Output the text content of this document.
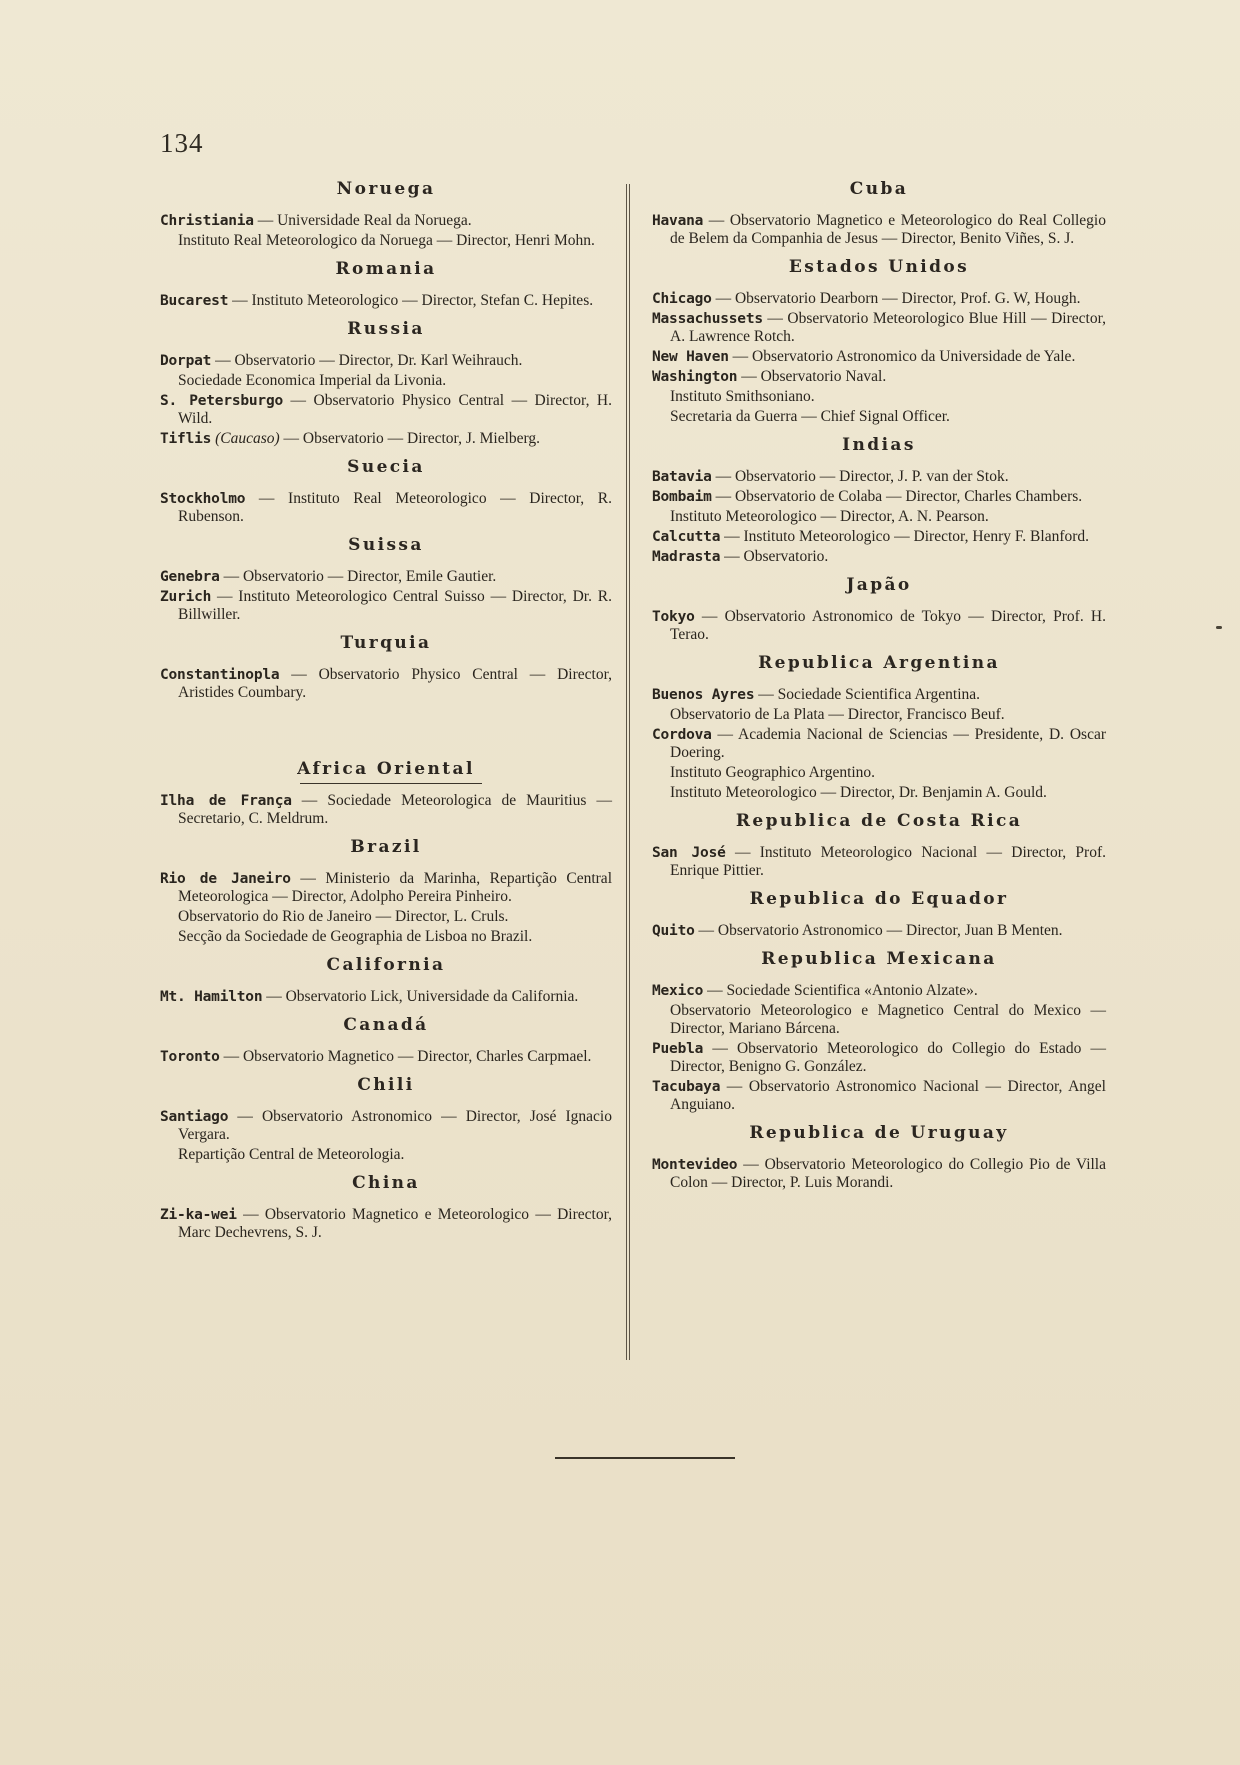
134
Noruega
Christiania — Universidade Real da Noruega.
Instituto Real Meteorologico da Noruega — Director, Henri Mohn.
Romania
Bucarest — Instituto Meteorologico — Director, Stefan C. Hepites.
Russia
Dorpat — Observatorio — Director, Dr. Karl Weihrauch.
Sociedade Economica Imperial da Livonia.
S. Petersburgo — Observatorio Physico Central — Director, H. Wild.
Tiflis (Caucaso) — Observatorio — Director, J. Mielberg.
Suecia
Stockholmo — Instituto Real Meteorologico — Director, R. Rubenson.
Suissa
Genebra — Observatorio — Director, Emile Gautier.
Zurich — Instituto Meteorologico Central Suisso — Director, Dr. R. Billwiller.
Turquia
Constantinopla — Observatorio Physico Central — Director, Aristides Coumbary.
Africa Oriental
Ilha de França — Sociedade Meteorologica de Mauritius — Secretario, C. Meldrum.
Brazil
Rio de Janeiro — Ministerio da Marinha, Repartição Central Meteorologica — Director, Adolpho Pereira Pinheiro.
Observatorio do Rio de Janeiro — Director, L. Cruls.
Secção da Sociedade de Geographia de Lisboa no Brazil.
California
Mt. Hamilton — Observatorio Lick, Universidade da California.
Canadá
Toronto — Observatorio Magnetico — Director, Charles Carpmael.
Chili
Santiago — Observatorio Astronomico — Director, José Ignacio Vergara.
Repartição Central de Meteorologia.
China
Zi-ka-wei — Observatorio Magnetico e Meteorologico — Director, Marc Dechevrens, S. J.
Cuba
Havana — Observatorio Magnetico e Meteorologico do Real Collegio de Belem da Companhia de Jesus — Director, Benito Viñes, S. J.
Estados Unidos
Chicago — Observatorio Dearborn — Director, Prof. G. W, Hough.
Massachussets — Observatorio Meteorologico Blue Hill — Director, A. Lawrence Rotch.
New Haven — Observatorio Astronomico da Universidade de Yale.
Washington — Observatorio Naval.
Instituto Smithsoniano.
Secretaria da Guerra — Chief Signal Officer.
Indias
Batavia — Observatorio — Director, J. P. van der Stok.
Bombaim — Observatorio de Colaba — Director, Charles Chambers.
Instituto Meteorologico — Director, A. N. Pearson.
Calcutta — Instituto Meteorologico — Director, Henry F. Blanford.
Madrasta — Observatorio.
Japão
Tokyo — Observatorio Astronomico de Tokyo — Director, Prof. H. Terao.
Republica Argentina
Buenos Ayres — Sociedade Scientifica Argentina.
Observatorio de La Plata — Director, Francisco Beuf.
Cordova — Academia Nacional de Sciencias — Presidente, D. Oscar Doering.
Instituto Geographico Argentino.
Instituto Meteorologico — Director, Dr. Benjamin A. Gould.
Republica de Costa Rica
San José — Instituto Meteorologico Nacional — Director, Prof. Enrique Pittier.
Republica do Equador
Quito — Observatorio Astronomico — Director, Juan B Menten.
Republica Mexicana
Mexico — Sociedade Scientifica «Antonio Alzate».
Observatorio Meteorologico e Magnetico Central do Mexico — Director, Mariano Bárcena.
Puebla — Observatorio Meteorologico do Collegio do Estado — Director, Benigno G. González.
Tacubaya — Observatorio Astronomico Nacional — Director, Angel Anguiano.
Republica de Uruguay
Montevideo — Observatorio Meteorologico do Collegio Pio de Villa Colon — Director, P. Luis Morandi.
